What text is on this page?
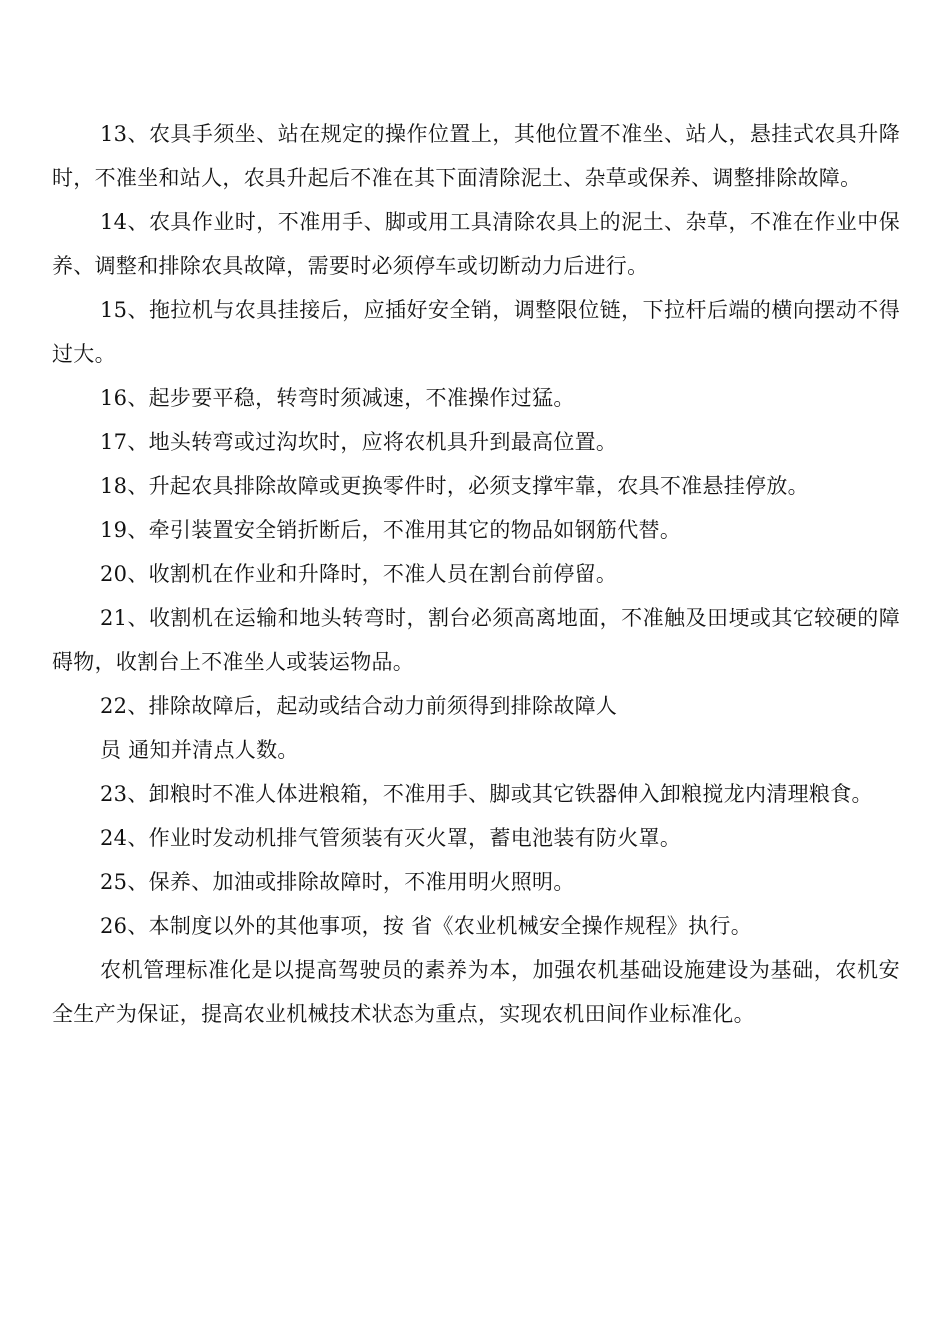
13、农具手须坐、站在规定的操作位置上，其他位置不准坐、站人，悬挂式农具升降时，不准坐和站人，农具升起后不准在其下面清除泥土、杂草或保养、调整排除故障。

14、农具作业时，不准用手、脚或用工具清除农具上的泥土、杂草，不准在作业中保养、调整和排除农具故障，需要时必须停车或切断动力后进行。

15、拖拉机与农具挂接后，应插好安全销，调整限位链，下拉杆后端的横向摆动不得过大。

16、起步要平稳，转弯时须减速，不准操作过猛。

17、地头转弯或过沟坎时，应将农机具升到最高位置。

18、升起农具排除故障或更换零件时，必须支撑牢靠，农具不准悬挂停放。

19、牵引装置安全销折断后，不准用其它的物品如钢筋代替。

20、收割机在作业和升降时，不准人员在割台前停留。

21、收割机在运输和地头转弯时，割台必须高离地面，不准触及田埂或其它较硬的障碍物，收割台上不准坐人或装运物品。

22、排除故障后，起动或结合动力前须得到排除故障人

员 通知并清点人数。

23、卸粮时不准人体进粮箱，不准用手、脚或其它铁器伸入卸粮搅龙内清理粮食。

24、作业时发动机排气管须装有灭火罩，蓄电池装有防火罩。

25、保养、加油或排除故障时，不准用明火照明。

26、本制度以外的其他事项，按 省《农业机械安全操作规程》执行。

农机管理标准化是以提高驾驶员的素养为本，加强农机基础设施建设为基础，农机安全生产为保证，提高农业机械技术状态为重点，实现农机田间作业标准化。
